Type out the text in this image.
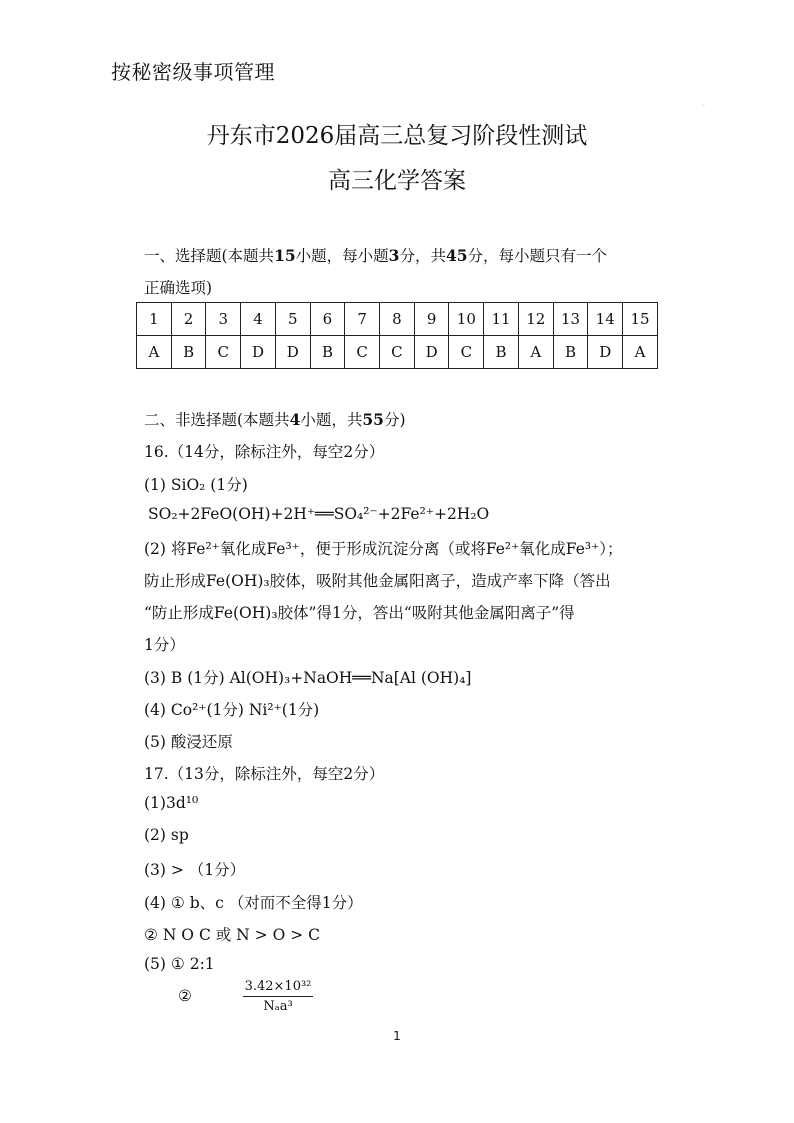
按秘密级事项管理
.
丹东市2026届高三总复习阶段性测试
高三化学答案
一、选择题(本题共15小题，每小题3分，共45分，每小题只有一个
正确选项)
1	2	3	4	5	6	7	8	9	10	11	12	13	14	15
A	B	C	D	D	B	C	C	D	C	B	A	B	D	A
二、非选择题(本题共4小题，共55分)
16.（14分，除标注外，每空2分）
(1) SiO₂ (1分)
SO₂+2FeO(OH)+2H⁺══SO₄²⁻+2Fe²⁺+2H₂O
(2) 将Fe²⁺氧化成Fe³⁺，便于形成沉淀分离（或将Fe²⁺氧化成Fe³⁺）；
防止形成Fe(OH)₃胶体，吸附其他金属阳离子，造成产率下降（答出
“防止形成Fe(OH)₃胶体”得1分，答出“吸附其他金属阳离子”得
1分）
(3) B (1分) Al(OH)₃+NaOH══Na[Al (OH)₄]
(4) Co²⁺(1分) Ni²⁺(1分)
(5) 酸浸还原
17.（13分，除标注外，每空2分）
(1)3d¹⁰
(2) sp
(3) > （1分）
(4) ① b、c （对而不全得1分）
② N O C 或 N > O > C
(5) ① 2:1
②
3.42×10³²
Nₐa³
1
